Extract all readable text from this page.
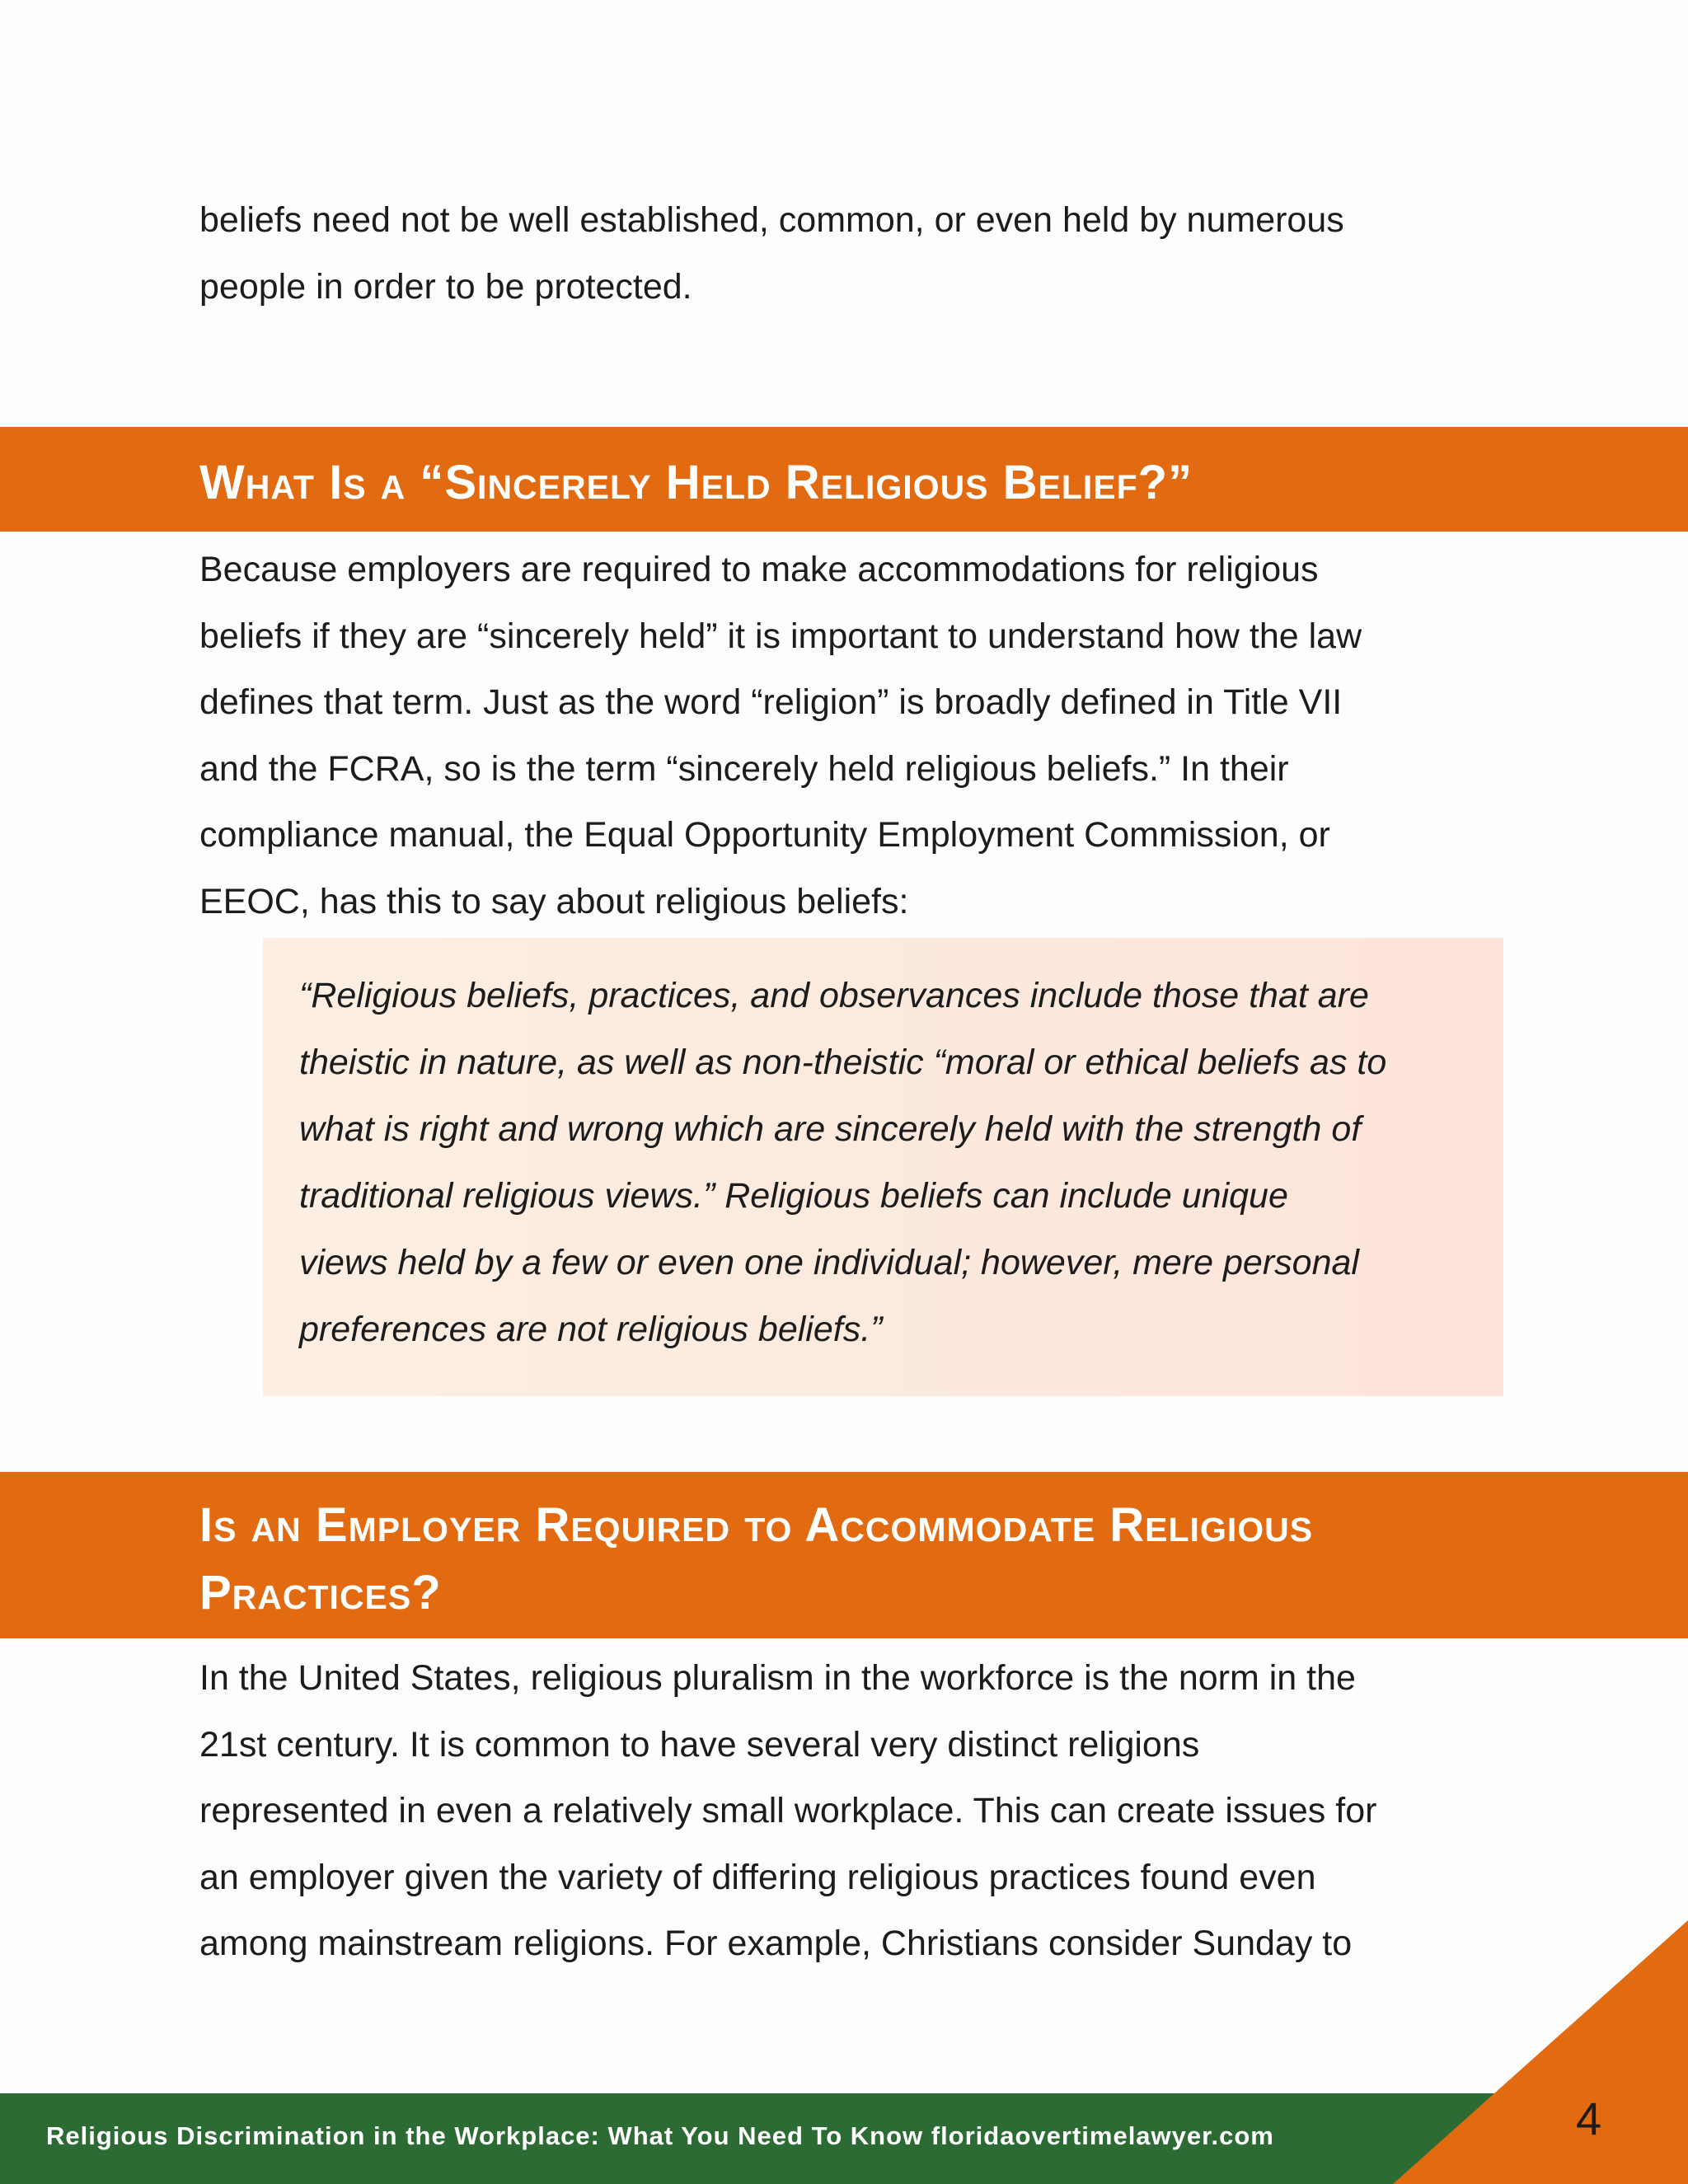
beliefs need not be well established, common, or even held by numerous
people in order to be protected.

What Is a “Sincerely Held Religious Belief?”

Because employers are required to make accommodations for religious
beliefs if they are “sincerely held” it is important to understand how the law
defines that term. Just as the word “religion” is broadly defined in Title VII
and the FCRA, so is the term “sincerely held religious beliefs.” In their
compliance manual, the Equal Opportunity Employment Commission, or
EEOC, has this to say about religious beliefs:

“Religious beliefs, practices, and observances include those that are
theistic in nature, as well as non-theistic “moral or ethical beliefs as to
what is right and wrong which are sincerely held with the strength of
traditional religious views.” Religious beliefs can include unique
views held by a few or even one individual; however, mere personal
preferences are not religious beliefs.”

Is an Employer Required to Accommodate Religious
Practices?

In the United States, religious pluralism in the workforce is the norm in the
21st century. It is common to have several very distinct religions
represented in even a relatively small workplace. This can create issues for
an employer given the variety of differing religious practices found even
among mainstream religions. For example, Christians consider Sunday to

Religious Discrimination in the Workplace: What You Need To Know floridaovertimelawyer.com	4
